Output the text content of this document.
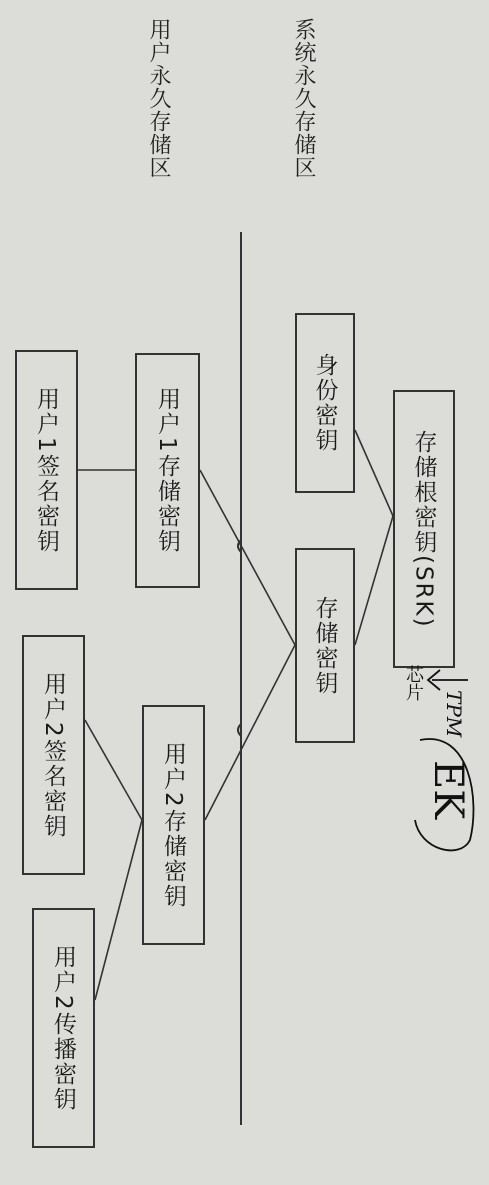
系统永久存储区
用户永久存储区
存储根密钥(SRK)
身份密钥
存储密钥
用户1存储密钥
用户2存储密钥
用户1签名密钥
用户2签名密钥
用户2传播密钥
TPM
芯片
EK
